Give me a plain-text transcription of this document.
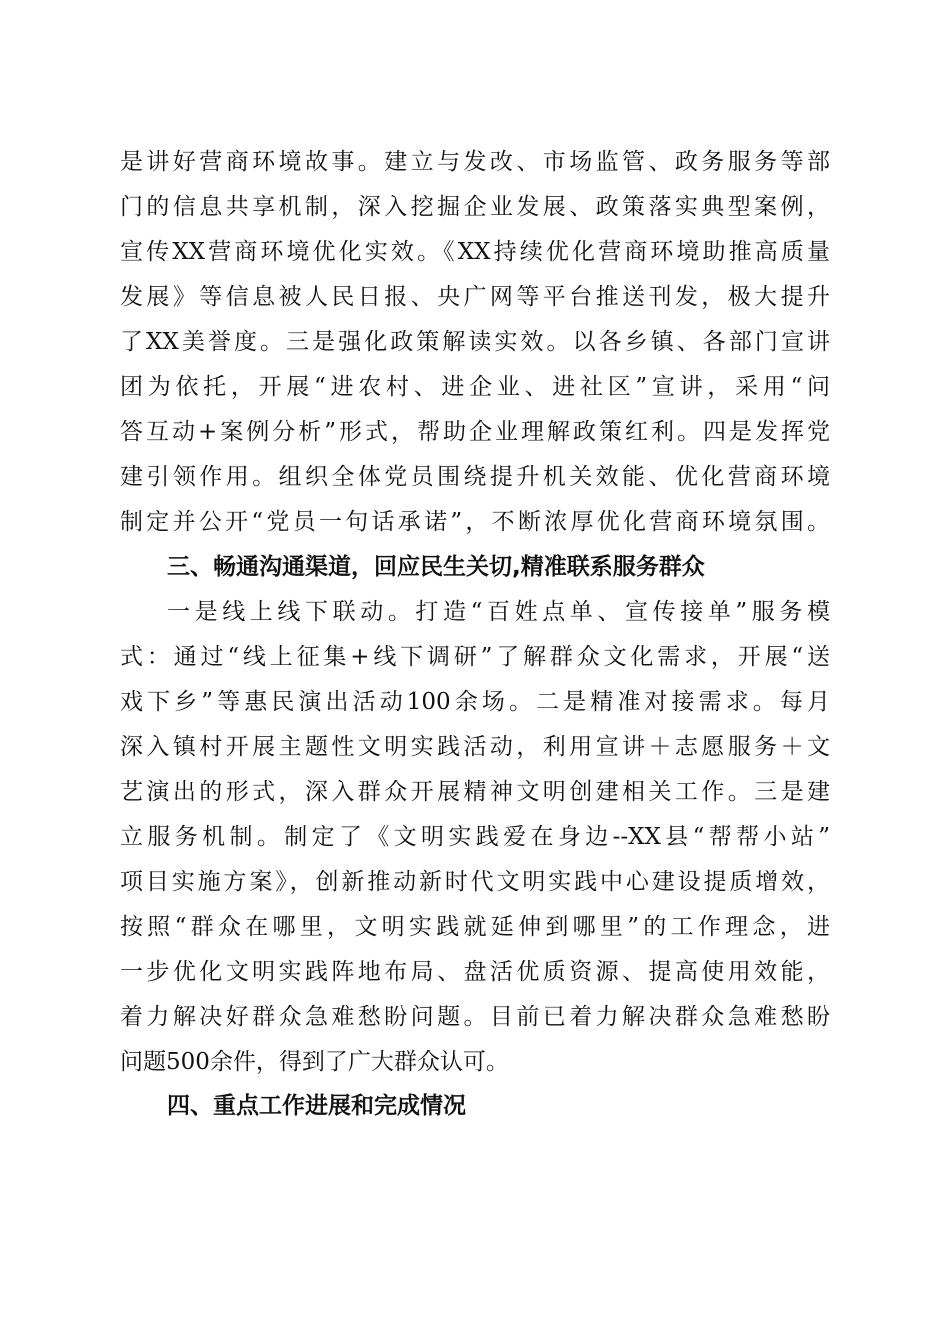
是讲好营商环境故事。建立与发改、市场监管、政务服务等部
门的信息共享机制，深入挖掘企业发展、政策落实典型案例，
宣传XX营商环境优化实效。《XX持续优化营商环境助推高质量
发展》等信息被人民日报、央广网等平台推送刊发，极大提升
了XX美誉度。三是强化政策解读实效。以各乡镇、各部门宣讲
团为依托，开展“进农村、进企业、进社区”宣讲，采用“问
答互动+案例分析”形式，帮助企业理解政策红利。四是发挥党
建引领作用。组织全体党员围绕提升机关效能、优化营商环境
制定并公开“党员一句话承诺”，不断浓厚优化营商环境氛围。
三、畅通沟通渠道，回应民生关切,精准联系服务群众
一是线上线下联动。打造“百姓点单、宣传接单”服务模
式：通过“线上征集+线下调研”了解群众文化需求，开展“送
戏下乡”等惠民演出活动100余场。二是精准对接需求。每月
深入镇村开展主题性文明实践活动，利用宣讲＋志愿服务＋文
艺演出的形式，深入群众开展精神文明创建相关工作。三是建
立服务机制。制定了《文明实践爱在身边--XX县“帮帮小站”
项目实施方案》，创新推动新时代文明实践中心建设提质增效，
按照“群众在哪里，文明实践就延伸到哪里”的工作理念，进
一步优化文明实践阵地布局、盘活优质资源、提高使用效能，
着力解决好群众急难愁盼问题。目前已着力解决群众急难愁盼
问题500余件，得到了广大群众认可。
四、重点工作进展和完成情况
